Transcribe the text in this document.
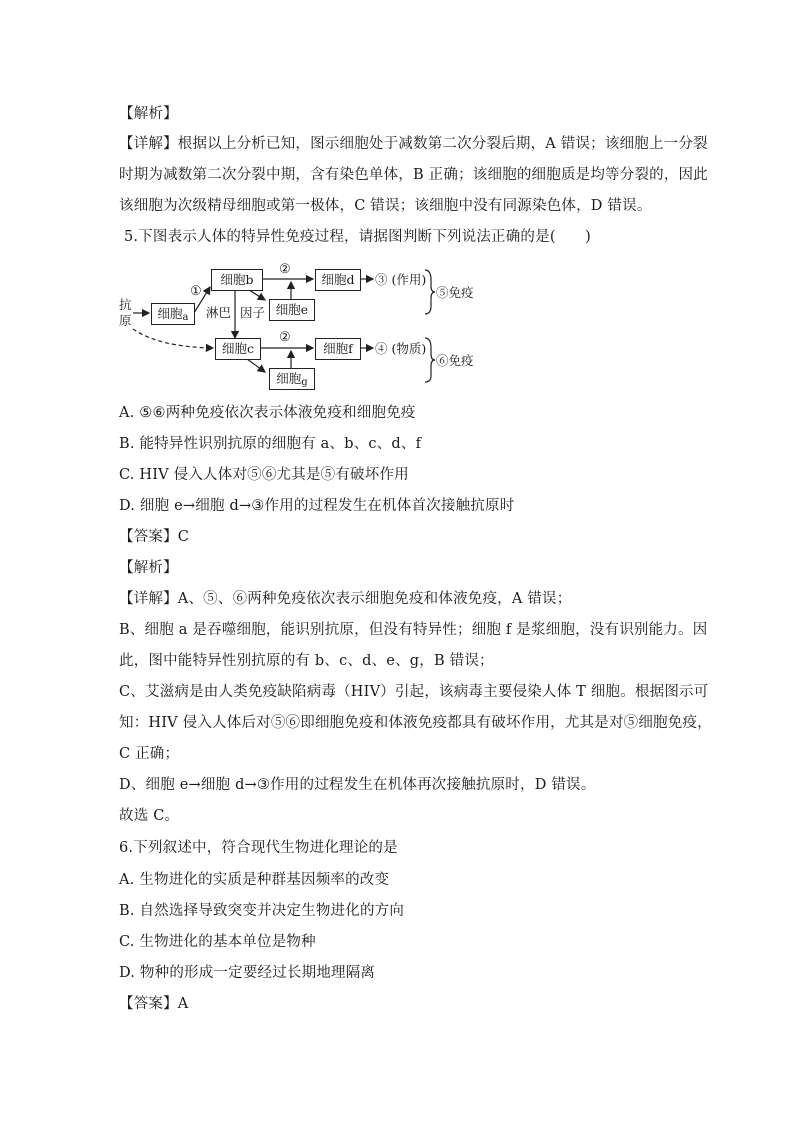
【解析】
【详解】根据以上分析已知，图示细胞处于减数第二次分裂后期，A 错误；该细胞上一分裂
时期为减数第二次分裂中期，含有染色单体，B 正确；该细胞的细胞质是均等分裂的，因此
该细胞为次级精母细胞或第一极体，C 错误；该细胞中没有同源染色体，D 错误。
5.下图表示人体的特异性免疫过程，请据图判断下列说法正确的是(　　)
抗
原	细胞$_a$
细胞b	细胞d
细胞e
细胞c	细胞f
细胞$_g$
①
②
②
③ (作用)
④ (物质)
淋巴 因子
⑤免疫
⑥免疫
A. ⑤⑥两种免疫依次表示体液免疫和细胞免疫
B. 能特异性识别抗原的细胞有 a、b、c、d、f
C. HIV 侵入人体对⑤⑥尤其是⑤有破坏作用
D. 细胞 e→细胞 d→③作用的过程发生在机体首次接触抗原时
【答案】C
【解析】
【详解】A、⑤、⑥两种免疫依次表示细胞免疫和体液免疫，A 错误；
B、细胞 a 是吞噬细胞，能识别抗原，但没有特异性；细胞 f 是浆细胞，没有识别能力。因
此，图中能特异性别抗原的有 b、c、d、e、g，B 错误；
C、艾滋病是由人类免疫缺陷病毒（HIV）引起，该病毒主要侵染人体 T 细胞。根据图示可
知：HIV 侵入人体后对⑤⑥即细胞免疫和体液免疫都具有破坏作用，尤其是对⑤细胞免疫，
C 正确；
D、细胞 e→细胞 d→③作用的过程发生在机体再次接触抗原时，D 错误。
故选 C。
6.下列叙述中，符合现代生物进化理论的是
A. 生物进化的实质是种群基因频率的改变
B. 自然选择导致突变并决定生物进化的方向
C. 生物进化的基本单位是物种
D. 物种的形成一定要经过长期地理隔离
【答案】A
